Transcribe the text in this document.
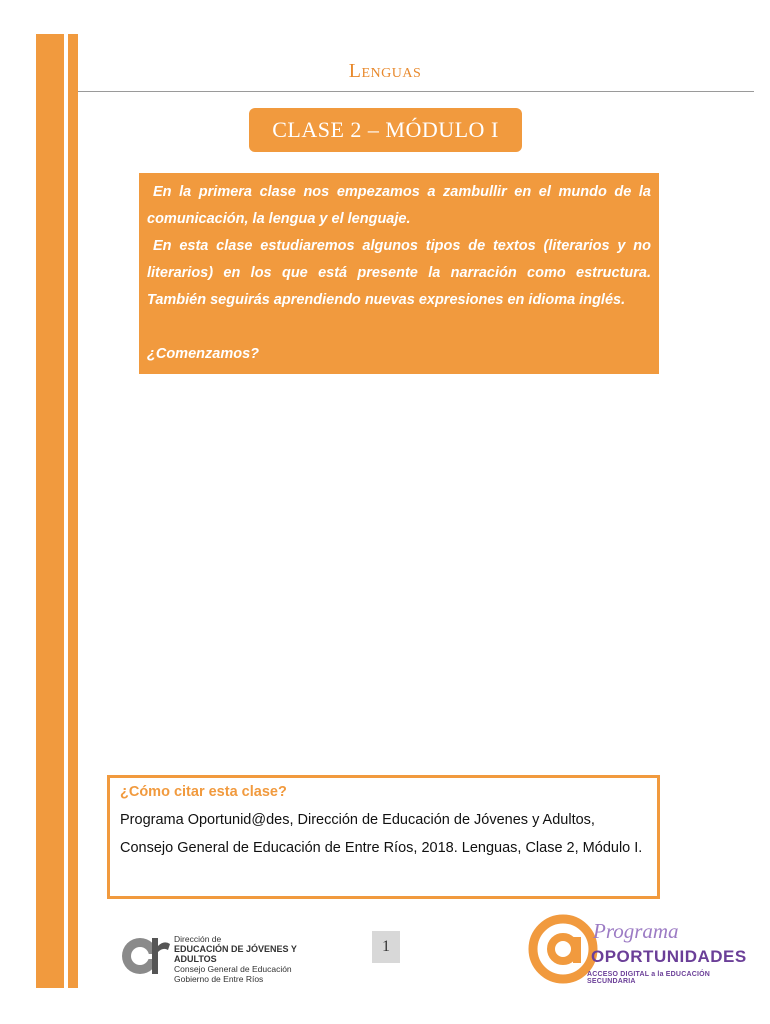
Lenguas
CLASE 2 – MÓDULO I

En la primera clase nos empezamos a zambullir en el mundo de la comunicación, la lengua y el lenguaje.

En esta clase estudiaremos algunos tipos de textos (literarios y no literarios) en los que está presente la narración como estructura. También seguirás aprendiendo nuevas expresiones en idioma inglés.

¿Comenzamos?

¿Cómo citar esta clase?

Programa Oportunid@des, Dirección de Educación de Jóvenes y Adultos, Consejo General de Educación de Entre Ríos, 2018. Lenguas, Clase 2, Módulo I.

Dirección de
EDUCACIÓN DE JÓVENES Y ADULTOS
Consejo General de Educación
Gobierno de Entre Ríos
1
Programa
OPORTUNIDADES
ACCESO DIGITAL a la EDUCACIÓN SECUNDARIA
